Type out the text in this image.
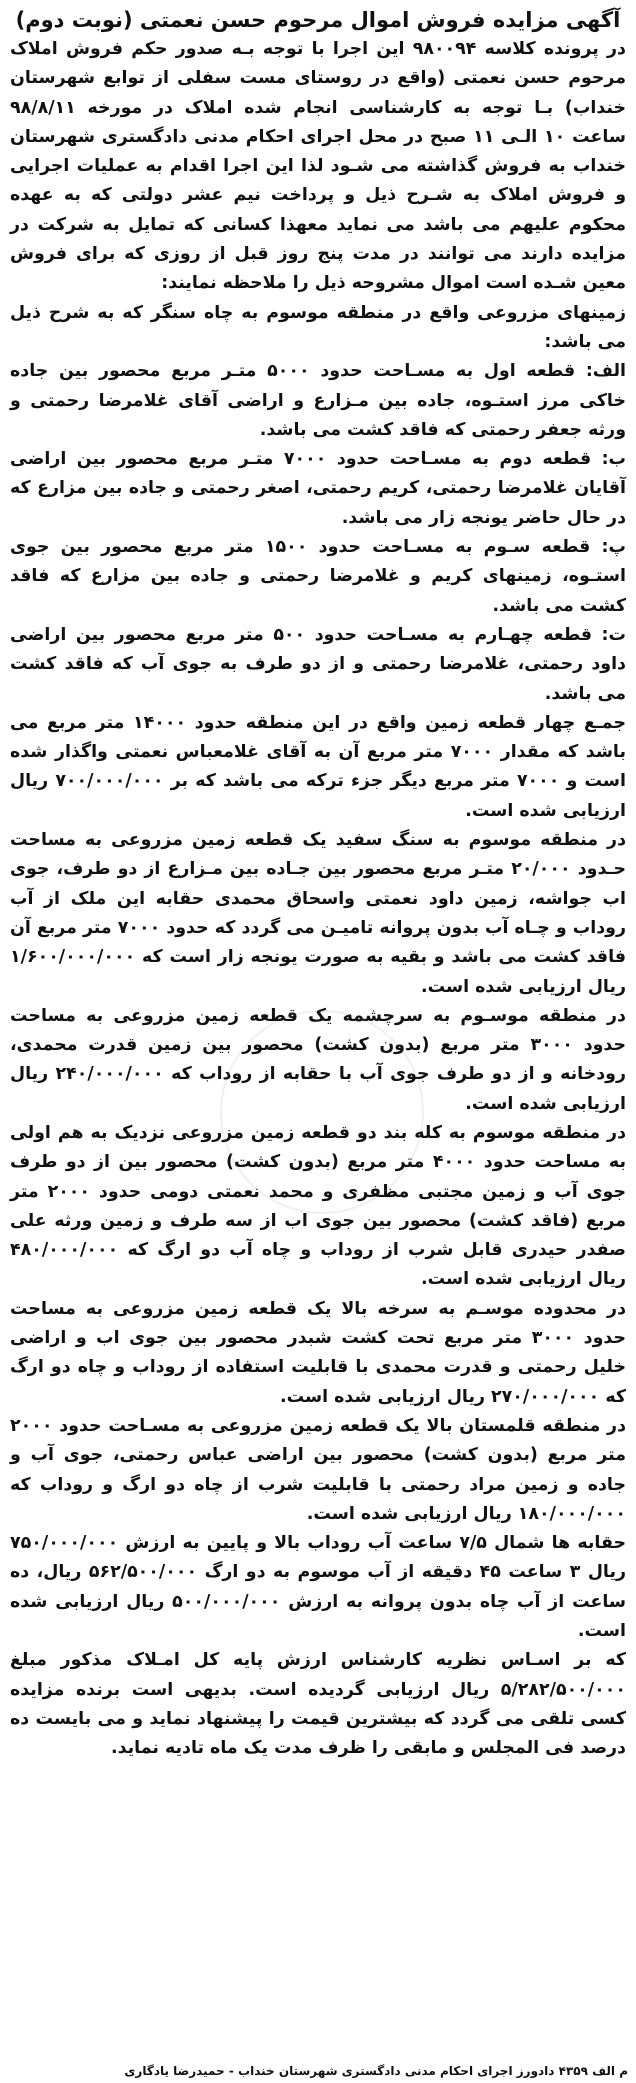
آگهی مزایده فروش اموال مرحوم حسن نعمتی (نوبت دوم)

در پرونده کلاسه ۹۸۰۰۹۴ این اجرا با توجه بـه صدور حکم فروش املاک مرحوم حسن نعمتی (واقع در روستای مست سفلی از توابع شهرستان خنداب) بـا توجه به کارشناسی انجام شده املاک در مورخه ۹۸/۸/۱۱ ساعت ۱۰ الـی ۱۱ صبح در محل اجرای احکام مدنی دادگستری شهرستان خنداب به فروش گذاشته می شـود لذا این اجرا اقدام به عملیات اجرایی و فروش املاک به شـرح ذیل و پرداخت نیم عشر دولتی که به عهده محکوم علیهم می باشد می نماید معهذا کسانی که تمایل به شرکت در مزایده دارند می توانند در مدت پنج روز قبل از روزی که برای فروش معین شـده است اموال مشروحه ذیل را ملاحظه نمایند:

زمینهای مزروعی واقع در منطقه موسوم به چاه سنگر که به شرح ذیل می باشد:

الف: قطعه اول به مسـاحت حدود ۵۰۰۰ متـر مربع محصور بین جاده خاکی مرز استـوه، جاده بین مـزارع و اراضی آقای غلامرضا رحمتی و ورثه جعفر رحمتی که فاقد کشت می باشد.

ب: قطعه دوم به مسـاحت حدود ۷۰۰۰ متـر مربع محصور بین اراضی آقایان غلامرضا رحمتی، کریم رحمتی، اصغر رحمتی و جاده بین مزارع که در حال حاضر یونجه زار می باشد.

پ: قطعه سـوم به مسـاحت حدود ۱۵۰۰ متر مربع محصور بین جوی استـوه، زمینهای کریم و غلامرضا رحمتی و جاده بین مزارع که فاقد کشت می باشد.

ت: قطعه چهـارم به مسـاحت حدود ۵۰۰ متر مربع محصور بین اراضی داود رحمتی، غلامرضا رحمتی و از دو طرف به جوی آب که فاقد کشت می باشد.

جمـع چهار قطعه زمین واقع در این منطقه حدود ۱۴۰۰۰ متر مربع می باشد که مقدار ۷۰۰۰ متر مربع آن به آقای غلامعباس نعمتی واگذار شده است و ۷۰۰۰ متر مربع دیگر جزء ترکه می باشد که بر ۷۰۰/۰۰۰/۰۰۰ ریال ارزیابی شده است.

در منطقه موسوم به سنگ سفید یک قطعه زمین مزروعی به مساحت حـدود ۲۰/۰۰۰ متـر مربع محصور بین جـاده بین مـزارع از دو طرف، جوی اب جواشه، زمین داود نعمتی واسحاق محمدی حقابه این ملک از آب روداب و چـاه آب بدون پروانه تامیـن می گردد که حدود ۷۰۰۰ متر مربع آن فاقد کشت می باشد و بقیه به صورت یونجه زار است که ۱/۶۰۰/۰۰۰/۰۰۰ ریال ارزیابی شده است.

در منطقه موسـوم به سرچشمه یک قطعه زمین مزروعی به مساحت حدود ۳۰۰۰ متر مربع (بدون کشت) محصور بین زمین قدرت محمدی، رودخانه و از دو طرف جوی آب با حقابه از روداب که ۲۴۰/۰۰۰/۰۰۰ ریال ارزیابی شده است.

در منطقه موسوم به کله بند دو قطعه زمین مزروعی نزدیک به هم اولی به مساحت حدود ۴۰۰۰ متر مربع (بدون کشت) محصور بین از دو طرف جوی آب و زمین مجتبی مظفری و محمد نعمتی دومی حدود ۲۰۰۰ متر مربع (فاقد کشت) محصور بین جوی اب از سه طرف و زمین ورثه علی صفدر حیدری قابل شرب از روداب و چاه آب دو ارگ که ۴۸۰/۰۰۰/۰۰۰ ریال ارزیابی شده است.

در محدوده موسـم به سرخه بالا یک قطعه زمین مزروعی به مساحت حدود ۳۰۰۰ متر مربع تحت کشت شبدر محصور بین جوی اب و اراضی خلیل رحمتی و قدرت محمدی با قابلیت استفاده از روداب و چاه دو ارگ که ۲۷۰/۰۰۰/۰۰۰ ریال ارزیابی شده است.

در منطقه قلمستان بالا یک قطعه زمین مزروعی به مسـاحت حدود ۲۰۰۰ متر مربع (بدون کشت) محصور بین اراضی عباس رحمتی، جوی آب و جاده و زمین مراد رحمتی با قابلیت شرب از چاه دو ارگ و روداب که ۱۸۰/۰۰۰/۰۰۰ ریال ارزیابی شده است.

حقابه ها شمال ۷/۵ ساعت آب روداب بالا و پایین به ارزش ۷۵۰/۰۰۰/۰۰۰ ریال ۳ ساعت ۴۵ دقیقه از آب موسوم به دو ارگ ۵۶۲/۵۰۰/۰۰۰ ریال، ده ساعت از آب چاه بدون پروانه به ارزش ۵۰۰/۰۰۰/۰۰۰ ریال ارزیابی شده است.

که بر اسـاس نظریه کارشناس ارزش پایه کل امـلاک مذکور مبلغ ۵/۲۸۲/۵۰۰/۰۰۰ ریال ارزیابی گردیده است. بدیهی است برنده مزایده کسی تلقی می گردد که بیشترین قیمت را پیشنهاد نماید و می بایست ده درصد فی المجلس و مابقی را ظرف مدت یک ماه تادیه نماید.

م الف ۴۳۵۹ دادورز اجرای احکام مدنی دادگستری شهرستان خنداب - حمیدرضا یادگاری
